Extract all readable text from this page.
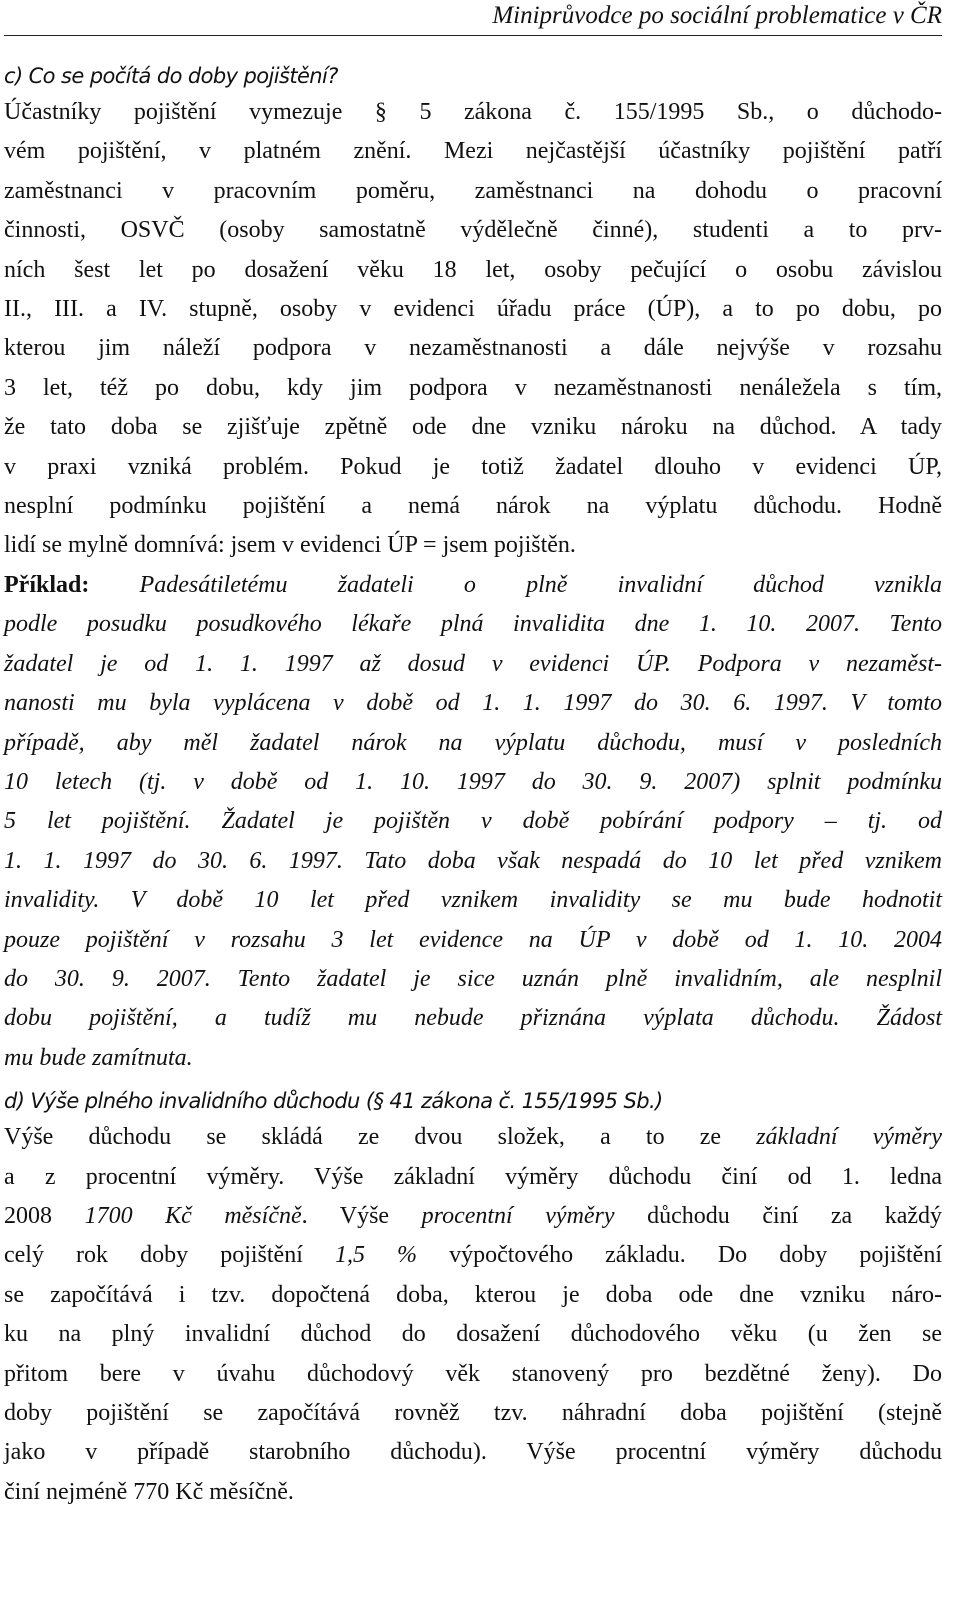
Miniprůvodce po sociální problematice v ČR
c) Co se počítá do doby pojištění?

Účastníky pojištění vymezuje § 5 zákona č. 155/1995 Sb., o důchodo-
vém pojištění, v platném znění. Mezi nejčastější účastníky pojištění patří
zaměstnanci v pracovním poměru, zaměstnanci na dohodu o pracovní
činnosti, OSVČ (osoby samostatně výdělečně činné), studenti a to prv-
ních šest let po dosažení věku 18 let, osoby pečující o osobu závislou
II., III. a IV. stupně, osoby v evidenci úřadu práce (ÚP), a to po dobu, po
kterou jim náleží podpora v nezaměstnanosti a dále nejvýše v rozsahu
3 let, též po dobu, kdy jim podpora v nezaměstnanosti nenáležela s tím,
že tato doba se zjišťuje zpětně ode dne vzniku nároku na důchod. A tady
v praxi vzniká problém. Pokud je totiž žadatel dlouho v evidenci ÚP,
nesplní podmínku pojištění a nemá nárok na výplatu důchodu. Hodně
lidí se mylně domnívá: jsem v evidenci ÚP = jsem pojištěn.

Příklad: Padesátiletému žadateli o plně invalidní důchod vznikla
podle posudku posudkového lékaře plná invalidita dne 1. 10. 2007. Tento
žadatel je od 1. 1. 1997 až dosud v evidenci ÚP. Podpora v nezaměst-
nanosti mu byla vyplácena v době od 1. 1. 1997 do 30. 6. 1997. V tomto
případě, aby měl žadatel nárok na výplatu důchodu, musí v posledních
10 letech (tj. v době od 1. 10. 1997 do 30. 9. 2007) splnit podmínku
5 let pojištění. Žadatel je pojištěn v době pobírání podpory – tj. od
1. 1. 1997 do 30. 6. 1997. Tato doba však nespadá do 10 let před vznikem
invalidity. V době 10 let před vznikem invalidity se mu bude hodnotit
pouze pojištění v rozsahu 3 let evidence na ÚP v době od 1. 10. 2004
do 30. 9. 2007. Tento žadatel je sice uznán plně invalidním, ale nesplnil
dobu pojištění, a tudíž mu nebude přiznána výplata důchodu. Žádost
mu bude zamítnuta.

d) Výše plného invalidního důchodu (§ 41 zákona č. 155/1995 Sb.)

Výše důchodu se skládá ze dvou složek, a to ze základní výměry
a z procentní výměry. Výše základní výměry důchodu činí od 1. ledna
2008 1700 Kč měsíčně. Výše procentní výměry důchodu činí za každý
celý rok doby pojištění 1,5 % výpočtového základu. Do doby pojištění
se započítává i tzv. dopočtená doba, kterou je doba ode dne vzniku náro-
ku na plný invalidní důchod do dosažení důchodového věku (u žen se
přitom bere v úvahu důchodový věk stanovený pro bezdětné ženy). Do
doby pojištění se započítává rovněž tzv. náhradní doba pojištění (stejně
jako v případě starobního důchodu). Výše procentní výměry důchodu
činí nejméně 770 Kč měsíčně.
